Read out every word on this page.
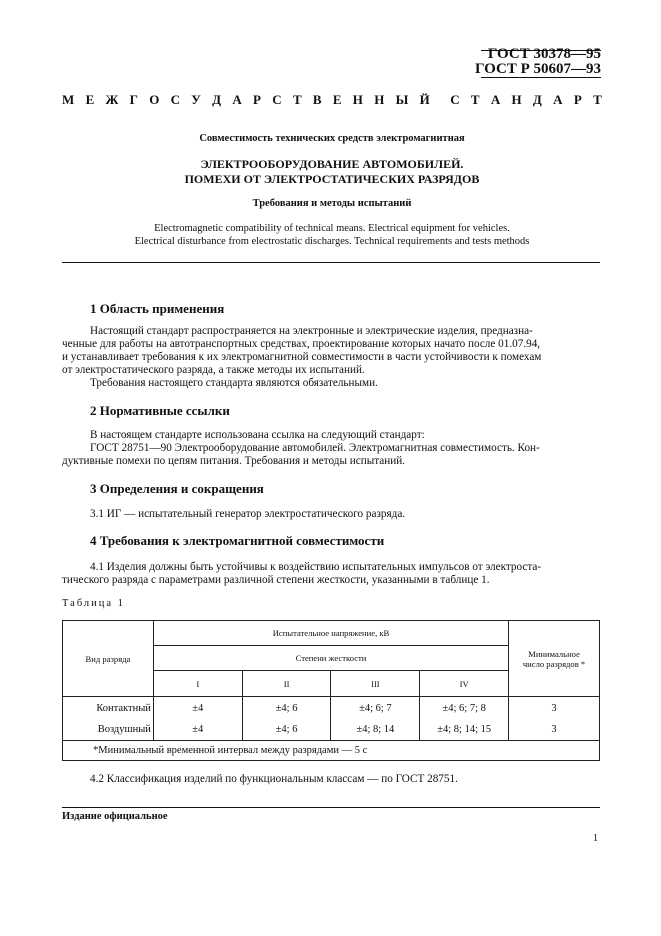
ГОСТ 30378—95
ГОСТ Р 50607—93
М Е Ж Г О С У Д А Р С Т В Е Н Н Ы Й С Т А Н Д А Р Т
Совместимость технических средств электромагнитная
ЭЛЕКТРООБОРУДОВАНИЕ АВТОМОБИЛЕЙ.
ПОМЕХИ ОТ ЭЛЕКТРОСТАТИЧЕСКИХ РАЗРЯДОВ
Требования и методы испытаний
Electromagnetic compatibility of technical means. Electrical equipment for vehicles.
Electrical disturbance from electrostatic discharges. Technical requirements and tests methods
1 Область применения
Настоящий стандарт распространяется на электронные и электрические изделия, предназна-
ченные для работы на автотранспортных средствах, проектирование которых начато после 01.07.94,
и устанавливает требования к их электромагнитной совместимости в части устойчивости к помехам
от электростатического разряда, а также методы их испытаний.
Требования настоящего стандарта являются обязательными.
2 Нормативные ссылки
В настоящем стандарте использована ссылка на следующий стандарт:
ГОСТ 28751—90 Электрооборудование автомобилей. Электромагнитная совместимость. Кон-
дуктивные помехи по цепям питания. Требования и методы испытаний.
3 Определения и сокращения
3.1 ИГ — испытательный генератор электростатического разряда.
4 Требования к электромагнитной совместимости
4.1 Изделия должны быть устойчивы к воздействию испытательных импульсов от электроста-
тического разряда с параметрами различной степени жесткости, указанными в таблице 1.
Таблица 1
Вид разряда	Испытательное напряжение, кВ				Минимальное
число разрядов *

	Степени жесткости				
	I	II	III	IV	
Контактный	±4	±4; 6	±4; 6; 7	±4; 6; 7; 8	3
Воздушный	±4	±4; 6	±4; 8; 14	±4; 8; 14; 15	3
*Минимальный временной интервал между разрядами — 5 с					
4.2 Классификация изделий по функциональным классам — по ГОСТ 28751.
Издание официальное
1
